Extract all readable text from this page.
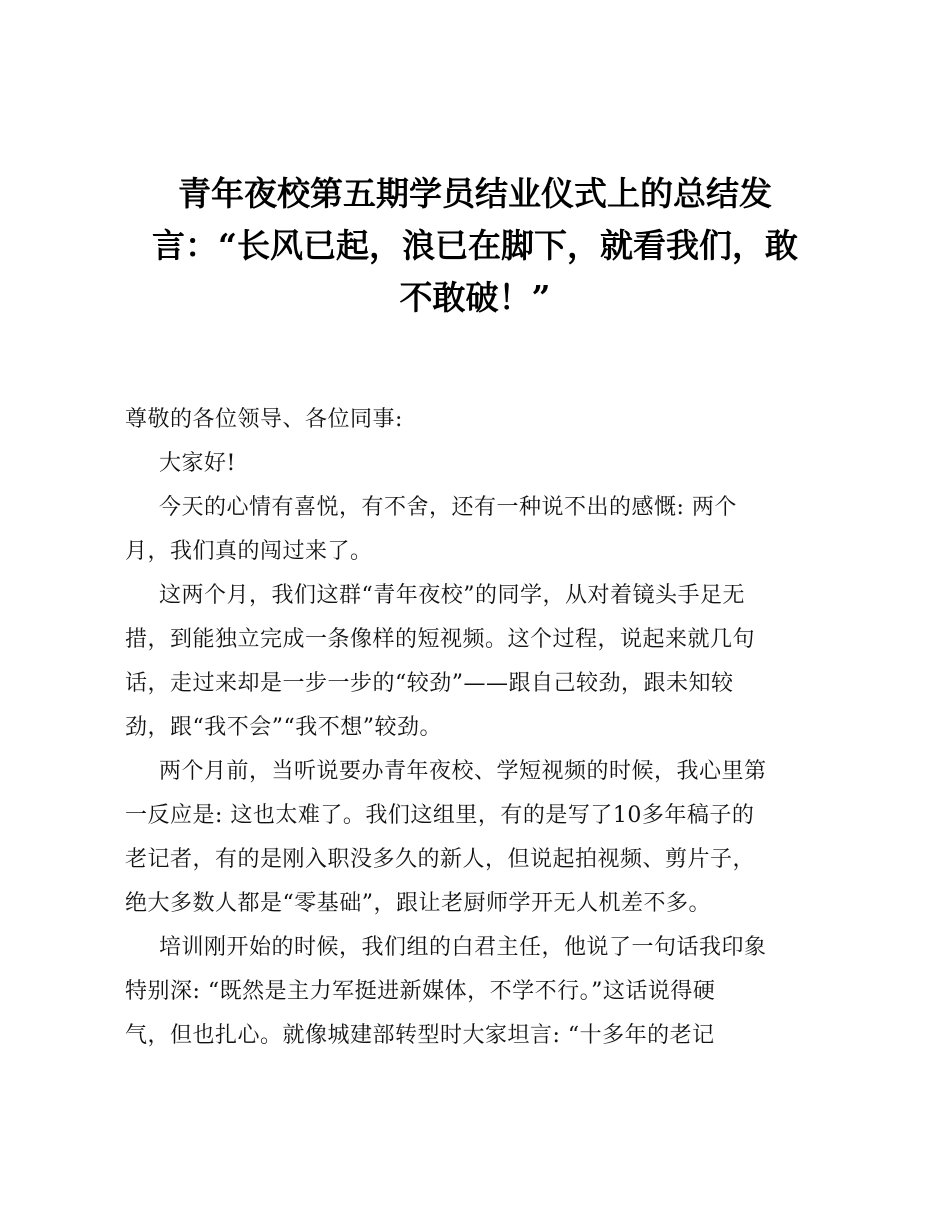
青年夜校第五期学员结业仪式上的总结发
言：“长风已起，浪已在脚下，就看我们，敢
不敢破！”

尊敬的各位领导、各位同事:

大家好!

今天的心情有喜悦，有不舍，还有一种说不出的感慨: 两个
月，我们真的闯过来了。

这两个月，我们这群“青年夜校”的同学，从对着镜头手足无
措，到能独立完成一条像样的短视频。这个过程，说起来就几句
话，走过来却是一步一步的“较劲”——跟自己较劲，跟未知较
劲，跟“我不会”“我不想”较劲。

两个月前，当听说要办青年夜校、学短视频的时候，我心里第
一反应是: 这也太难了。我们这组里，有的是写了10多年稿子的
老记者，有的是刚入职没多久的新人，但说起拍视频、剪片子，
绝大多数人都是“零基础”，跟让老厨师学开无人机差不多。

培训刚开始的时候，我们组的白君主任，他说了一句话我印象
特别深: “既然是主力军挺进新媒体，不学不行。”这话说得硬
气，但也扎心。就像城建部转型时大家坦言: “十多年的老记
